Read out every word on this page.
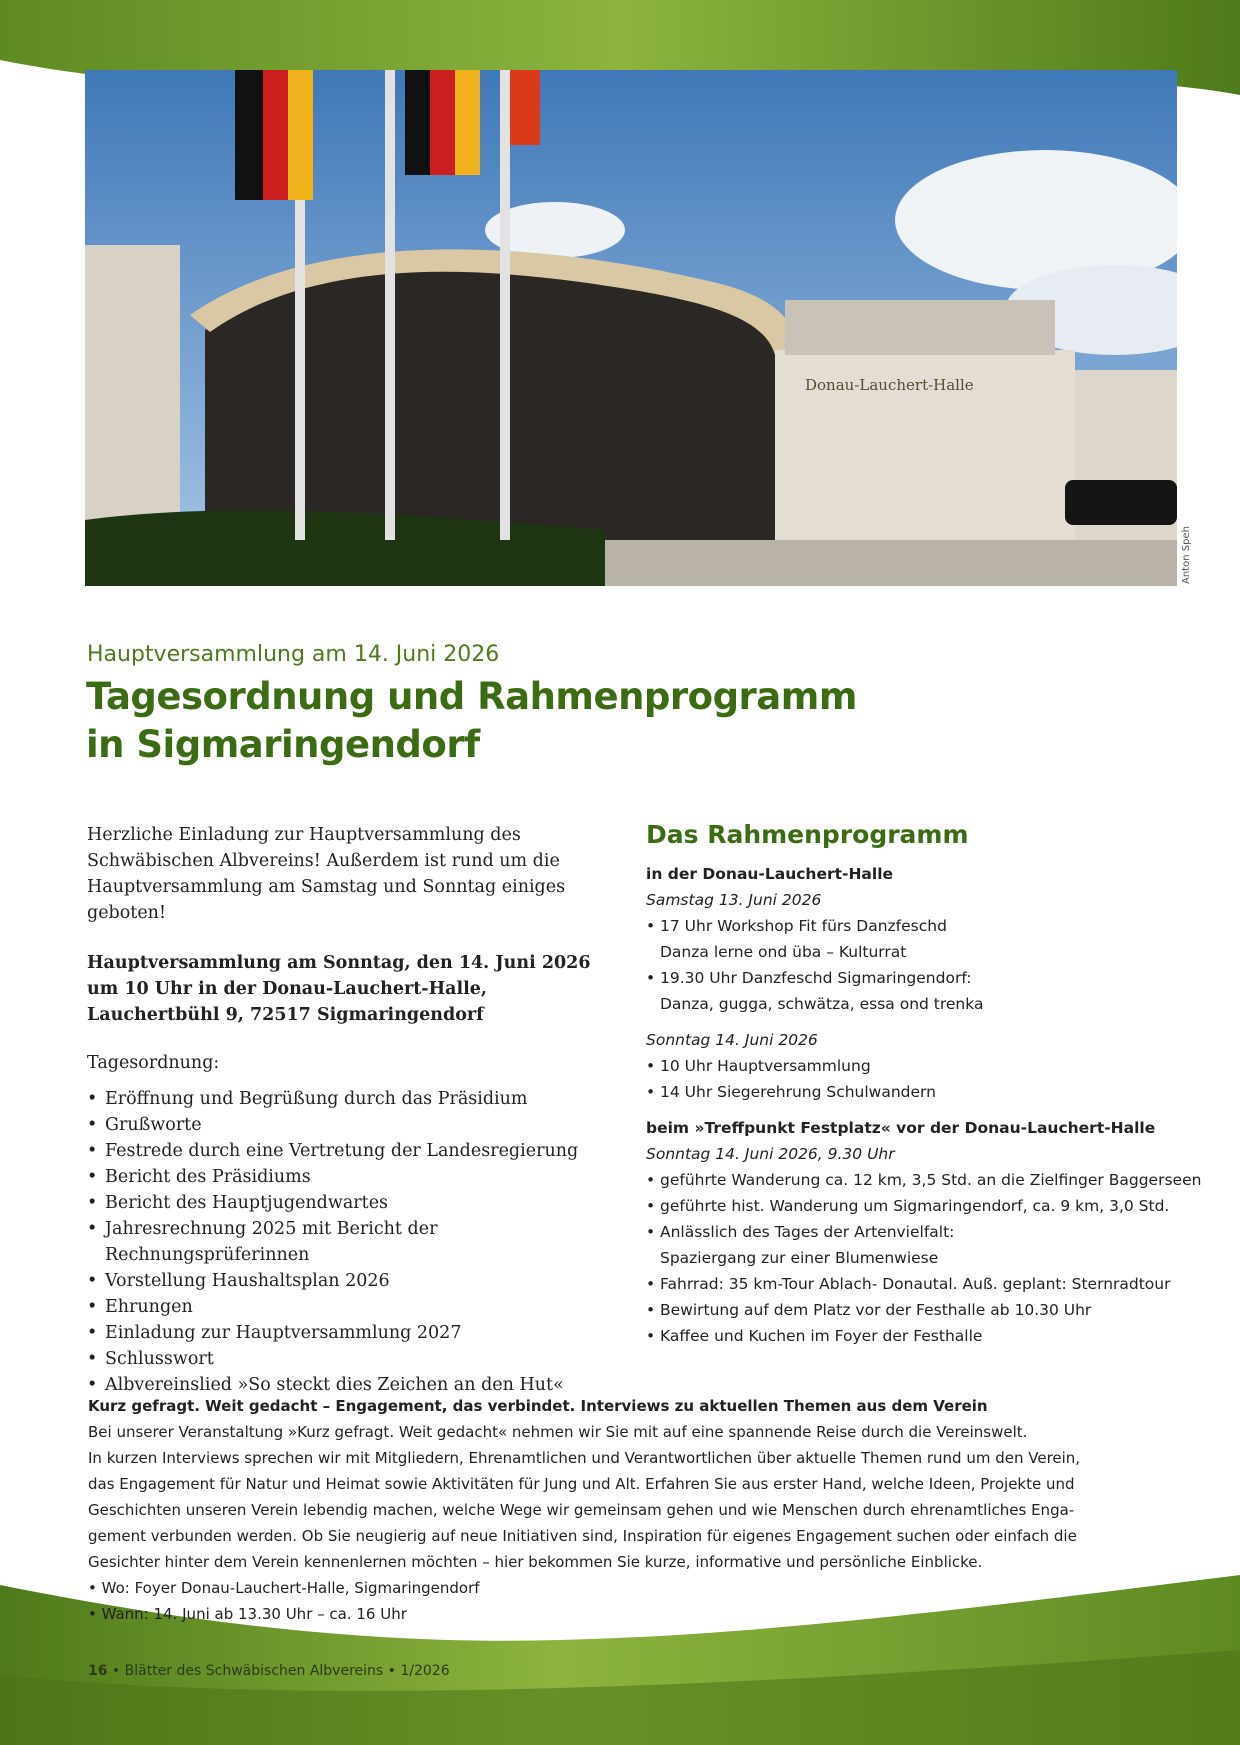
Donau-Lauchert-Halle
Anton Speh
Hauptversammlung am 14. Juni 2026
Tagesordnung und Rahmenprogramm
in Sigmaringendorf

Herzliche Einladung zur Hauptversammlung des Schwäbischen Albvereins! Außerdem ist rund um die Hauptversammlung am Samstag und Sonntag einiges geboten!

Hauptversammlung am Sonntag, den 14. Juni 2026
um 10 Uhr in der Donau-Lauchert-Halle,
Lauchertbühl 9, 72517 Sigmaringendorf

Tagesordnung:

• Eröffnung und Begrüßung durch das Präsidium
• Grußworte
• Festrede durch eine Vertretung der Landesregierung
• Bericht des Präsidiums
• Bericht des Hauptjugendwartes
• Jahresrechnung 2025 mit Bericht der Rechnungsprüferinnen
• Vorstellung Haushaltsplan 2026
• Ehrungen
• Einladung zur Hauptversammlung 2027
• Schlusswort
• Albvereinslied »So steckt dies Zeichen an den Hut«
Das Rahmenprogramm
in der Donau-Lauchert-Halle
Samstag 13. Juni 2026
• 17 Uhr Workshop Fit fürs Danzfeschd
Danza lerne ond üba – Kulturrat
• 19.30 Uhr Danzfeschd Sigmaringendorf:
Danza, gugga, schwätza, essa ond trenka
Sonntag 14. Juni 2026
• 10 Uhr Hauptversammlung
• 14 Uhr Siegerehrung Schulwandern
beim »Treffpunkt Festplatz« vor der Donau-Lauchert-Halle
Sonntag 14. Juni 2026, 9.30 Uhr
• geführte Wanderung ca. 12 km, 3,5 Std. an die Zielfinger Baggerseen
• geführte hist. Wanderung um Sigmaringendorf, ca. 9 km, 3,0 Std.
• Anlässlich des Tages der Artenvielfalt:
Spaziergang zur einer Blumenwiese
• Fahrrad: 35 km-Tour Ablach- Donautal. Auß. geplant: Sternradtour
• Bewirtung auf dem Platz vor der Festhalle ab 10.30 Uhr
• Kaffee und Kuchen im Foyer der Festhalle

Kurz gefragt. Weit gedacht – Engagement, das verbindet. Interviews zu aktuellen Themen aus dem Verein

Bei unserer Veranstaltung »Kurz gefragt. Weit gedacht« nehmen wir Sie mit auf eine spannende Reise durch die Vereinswelt.

In kurzen Interviews sprechen wir mit Mitgliedern, Ehrenamtlichen und Verantwortlichen über aktuelle Themen rund um den Verein,

das Engagement für Natur und Heimat sowie Aktivitäten für Jung und Alt. Erfahren Sie aus erster Hand, welche Ideen, Projekte und

Geschichten unseren Verein lebendig machen, welche Wege wir gemeinsam gehen und wie Menschen durch ehrenamtliches Enga-

gement verbunden werden. Ob Sie neugierig auf neue Initiativen sind, Inspiration für eigenes Engagement suchen oder einfach die

Gesichter hinter dem Verein kennenlernen möchten – hier bekommen Sie kurze, informative und persönliche Einblicke.

• Wo: Foyer Donau-Lauchert-Halle, Sigmaringendorf

• Wann: 14. Juni ab 13.30 Uhr – ca. 16 Uhr

16 • Blätter des Schwäbischen Albvereins • 1/2026
